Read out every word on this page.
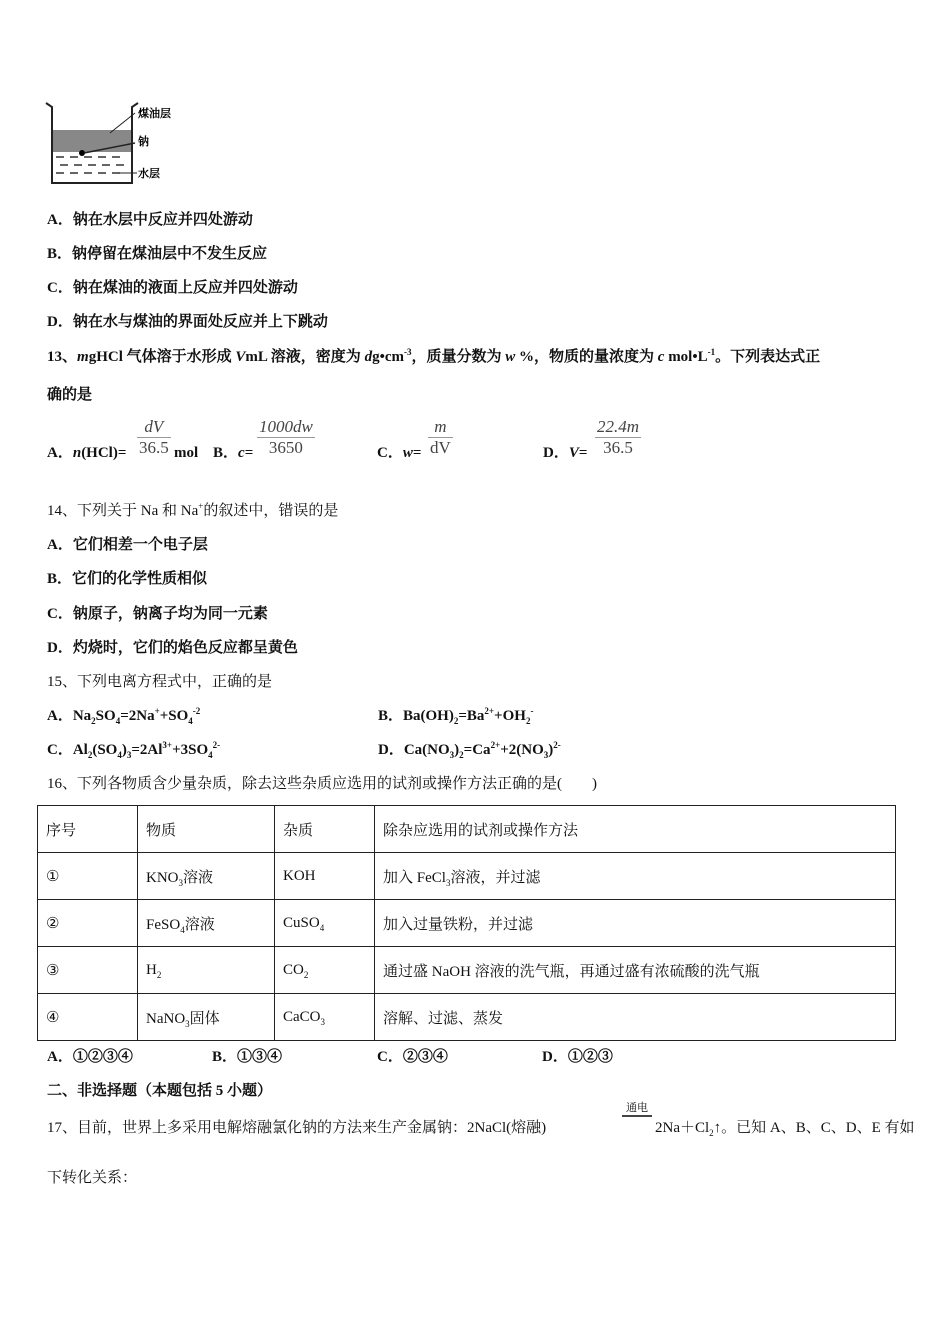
煤油层
钠
水层
A．钠在水层中反应并四处游动
B．钠停留在煤油层中不发生反应
C．钠在煤油的液面上反应并四处游动
D．钠在水与煤油的界面处反应并上下跳动
13、mgHCl 气体溶于水形成 VmL 溶液，密度为 $dg•cm^{-3}$，质量分数为 w %，物质的量浓度为 c $mol•L^{-1}$。下列表达式正
确的是
A．$n(HCl)= \frac{dV}{36.5}$ mol B．$c= \frac{1000dw}{3650}$	C．$w= \frac{m}{dV}$	D．$V= \frac{22.4m}{36.5}$
14、下列关于 Na 和 Na+的叙述中，错误的是
A．它们相差一个电子层
B．它们的化学性质相似
C．钠原子，钠离子均为同一元素
D．灼烧时，它们的焰色反应都呈黄色
15、下列电离方程式中，正确的是
A．$Na_2SO_4=2Na^++SO_4^{-2}$	B．$Ba(OH)_2=Ba^{2+}+OH_2^-$
C．$Al_2(SO_4)_3=2Al^{3+}+3SO_4^{2-}$	D．$Ca(NO_3)_2=Ca^{2+}+2(NO_3)^{2-}$
16、下列各物质含少量杂质，除去这些杂质应选用的试剂或操作方法正确的是(　　)
序号	物质	杂质	除杂应选用的试剂或操作方法
①	$KNO_3$溶液	KOH	加入 FeCl$_3$溶液，并过滤
②	FeSO$_4$溶液	CuSO$_4$	加入过量铁粉，并过滤
③	$H_2$	$CO_2$	通过盛 NaOH 溶液的洗气瓶，再通过盛有浓硫酸的洗气瓶
④	NaNO$_3$固体	CaCO$_3$	溶解、过滤、蒸发
A．①②③④	B．①③④	C．②③④	D．①②③
二、非选择题（本题包括 5 小题）
17、目前，世界上多采用电解熔融氯化钠的方法来生产金属钠：2NaCl(熔融)
通电
$2Na+Cl_2↑$。已知 A、B、C、D、E 有如
下转化关系：
